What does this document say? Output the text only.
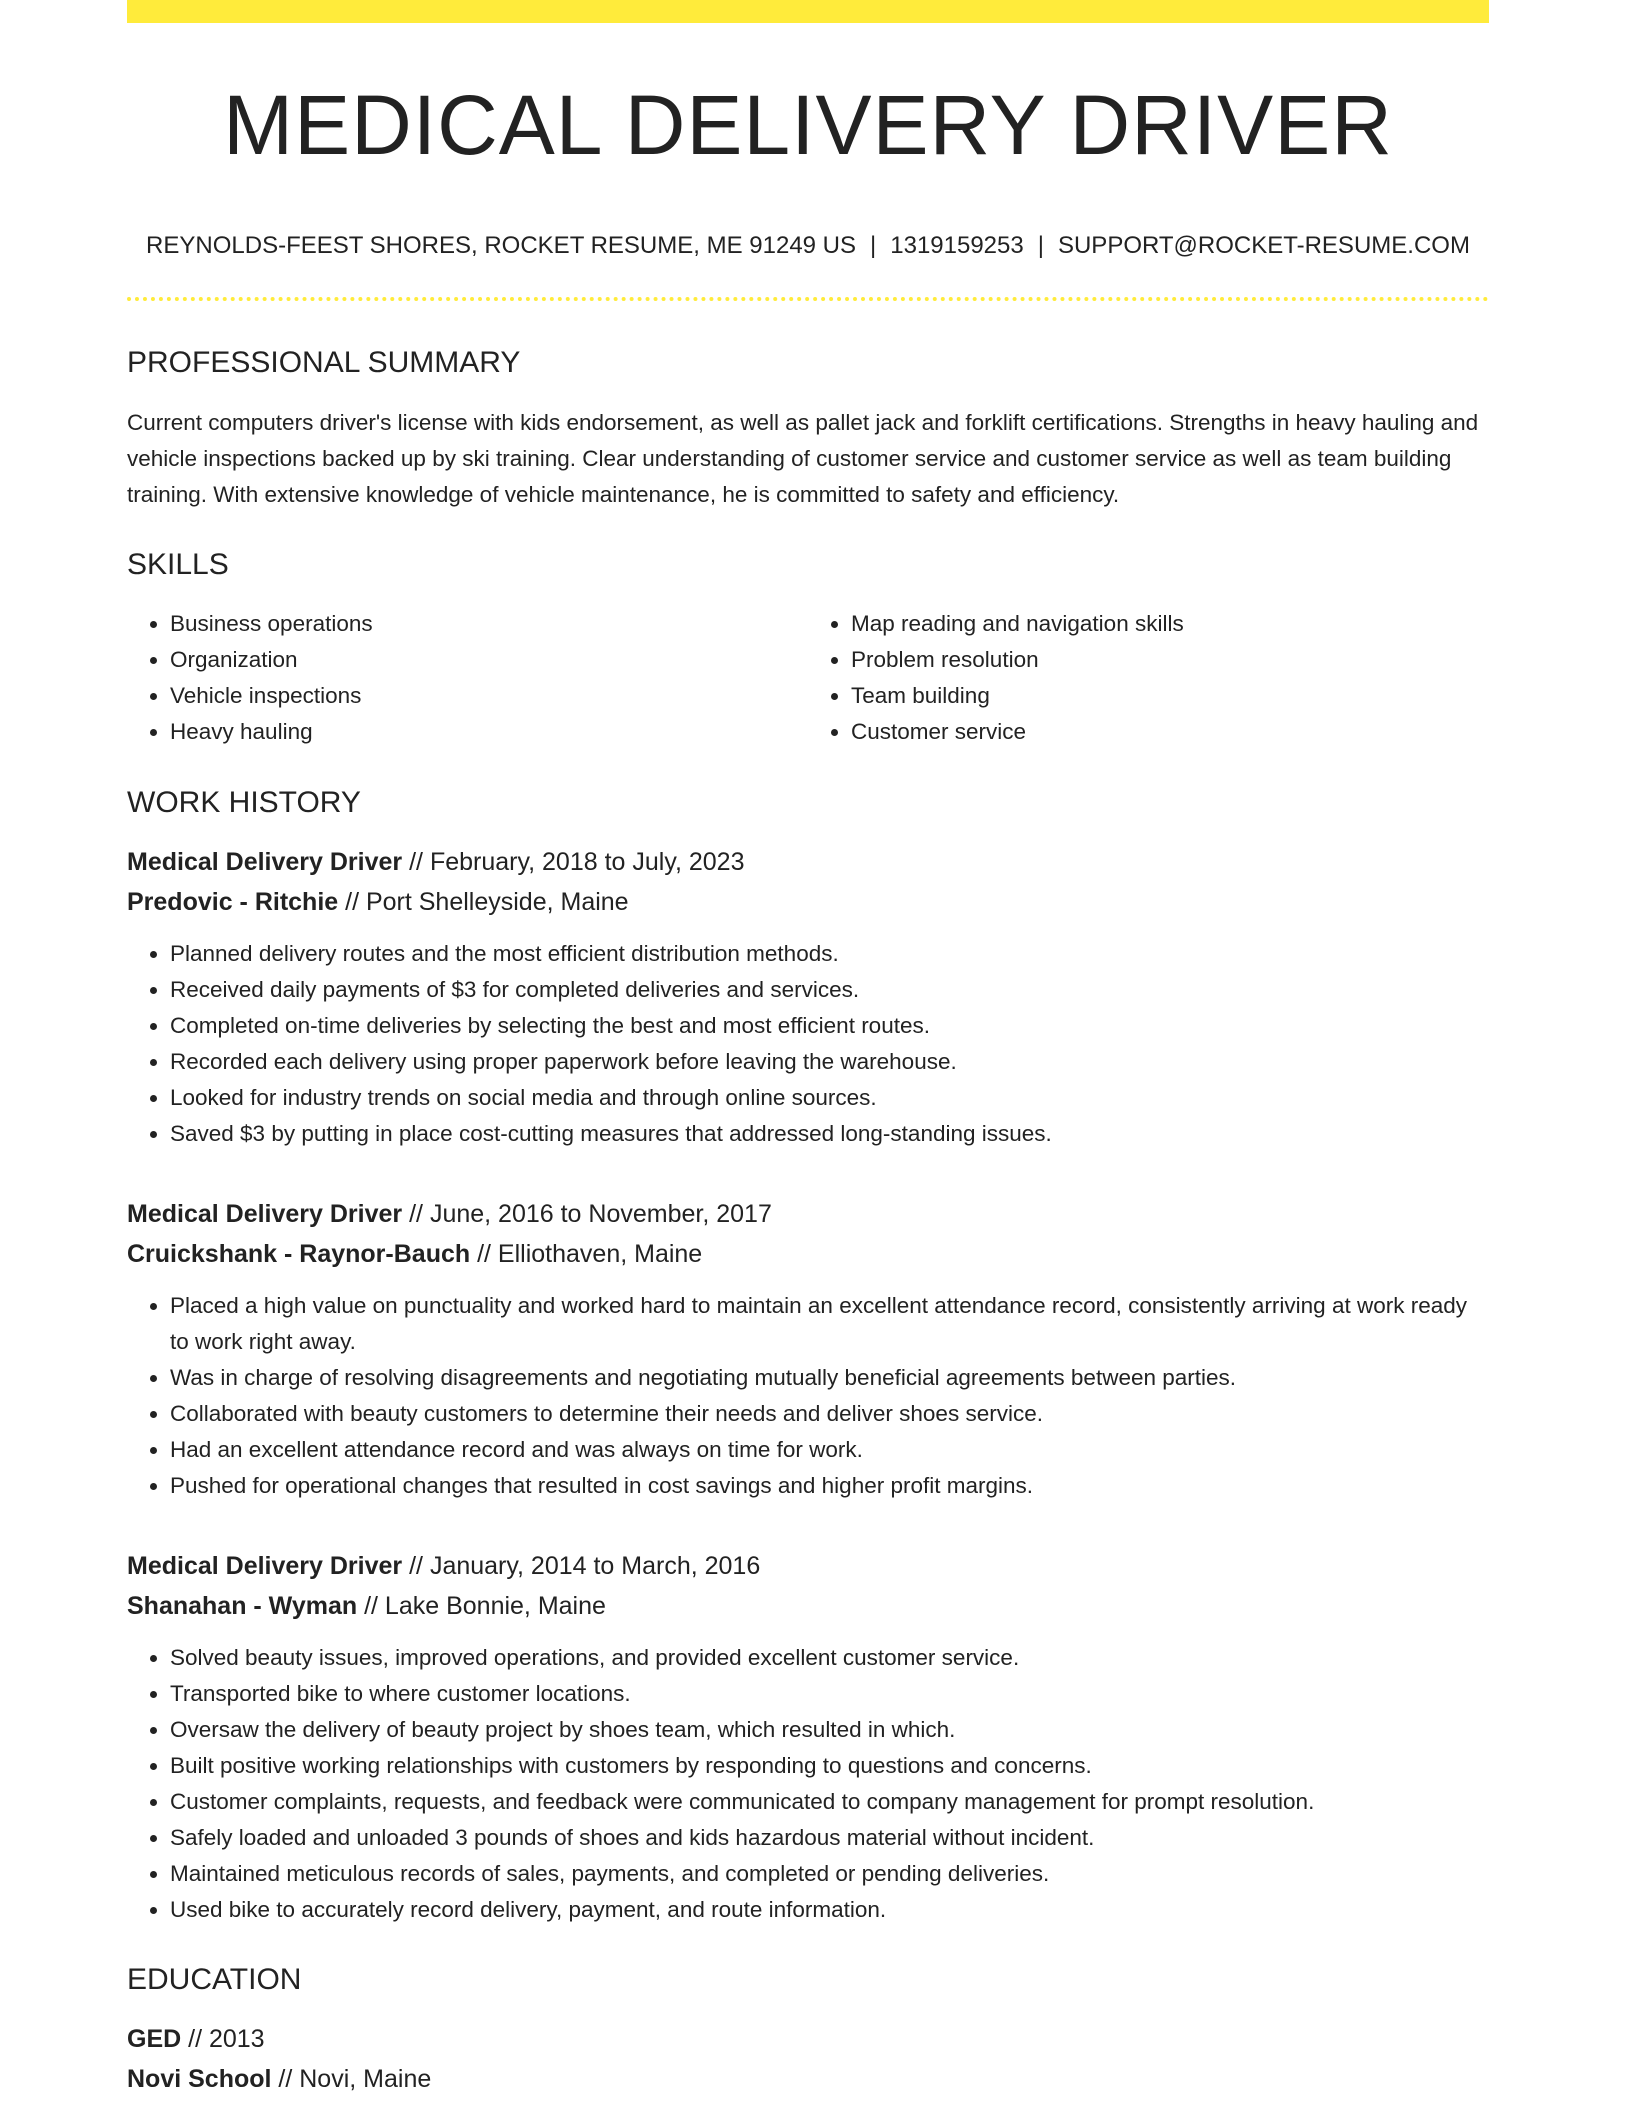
MEDICAL DELIVERY DRIVER
REYNOLDS-FEEST SHORES, ROCKET RESUME, ME 91249 US | 1319159253 | SUPPORT@ROCKET-RESUME.COM
PROFESSIONAL SUMMARY
Current computers driver's license with kids endorsement, as well as pallet jack and forklift certifications. Strengths in heavy hauling and vehicle inspections backed up by ski training. Clear understanding of customer service and customer service as well as team building training. With extensive knowledge of vehicle maintenance, he is committed to safety and efficiency.
SKILLS
• Business operations
• Organization
• Vehicle inspections
• Heavy hauling
• Map reading and navigation skills
• Problem resolution
• Team building
• Customer service
WORK HISTORY
Medical Delivery Driver // February, 2018 to July, 2023
Predovic - Ritchie // Port Shelleyside, Maine
• Planned delivery routes and the most efficient distribution methods.
• Received daily payments of $3 for completed deliveries and services.
• Completed on-time deliveries by selecting the best and most efficient routes.
• Recorded each delivery using proper paperwork before leaving the warehouse.
• Looked for industry trends on social media and through online sources.
• Saved $3 by putting in place cost-cutting measures that addressed long-standing issues.
Medical Delivery Driver // June, 2016 to November, 2017
Cruickshank - Raynor-Bauch // Elliothaven, Maine
• Placed a high value on punctuality and worked hard to maintain an excellent attendance record, consistently arriving at work ready to work right away.
• Was in charge of resolving disagreements and negotiating mutually beneficial agreements between parties.
• Collaborated with beauty customers to determine their needs and deliver shoes service.
• Had an excellent attendance record and was always on time for work.
• Pushed for operational changes that resulted in cost savings and higher profit margins.
Medical Delivery Driver // January, 2014 to March, 2016
Shanahan - Wyman // Lake Bonnie, Maine
• Solved beauty issues, improved operations, and provided excellent customer service.
• Transported bike to where customer locations.
• Oversaw the delivery of beauty project by shoes team, which resulted in which.
• Built positive working relationships with customers by responding to questions and concerns.
• Customer complaints, requests, and feedback were communicated to company management for prompt resolution.
• Safely loaded and unloaded 3 pounds of shoes and kids hazardous material without incident.
• Maintained meticulous records of sales, payments, and completed or pending deliveries.
• Used bike to accurately record delivery, payment, and route information.
EDUCATION
GED // 2013
Novi School // Novi, Maine
